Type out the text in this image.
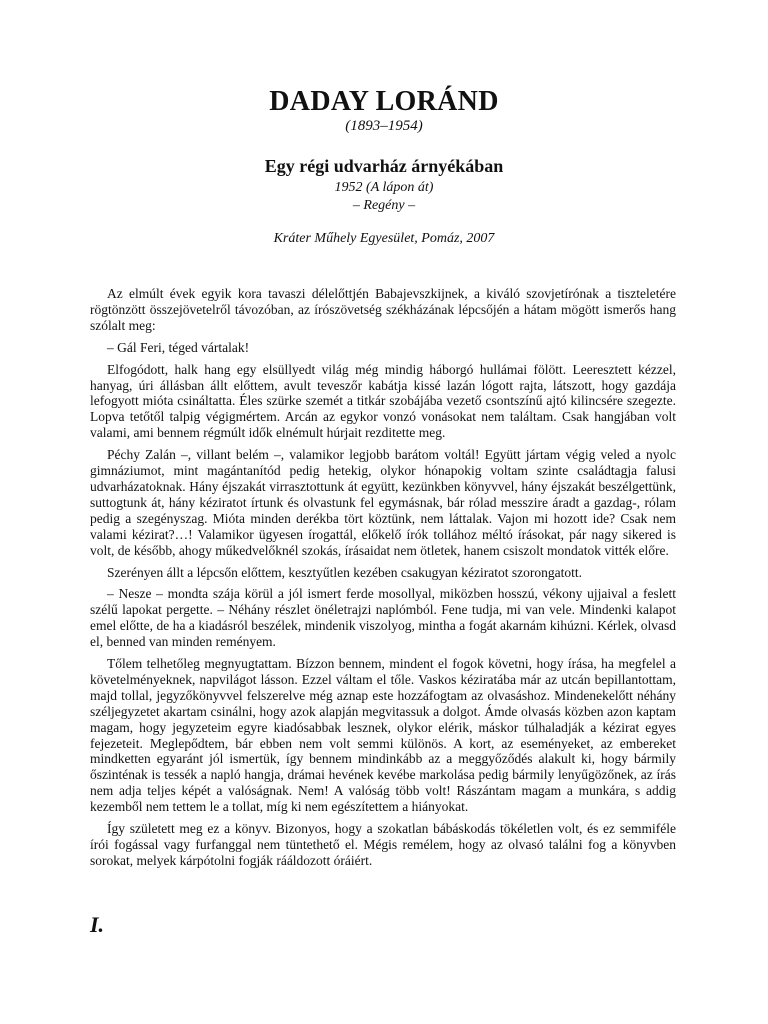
DADAY LORÁND
(1893–1954)
Egy régi udvarház árnyékában
1952 (A lápon át)
– Regény –
Kráter Műhely Egyesület, Pomáz, 2007

Az elmúlt évek egyik kora tavaszi délelőttjén Babajevszkijnek, a kiváló szovjetírónak a tiszteletére rögtönzött összejövetelről távozóban, az írószövetség székházának lépcsőjén a hátam mögött ismerős hang szólalt meg:

– Gál Feri, téged vártalak!

Elfogódott, halk hang egy elsüllyedt világ még mindig háborgó hullámai fölött. Leeresztett kézzel, hanyag, úri állásban állt előttem, avult teveszőr kabátja kissé lazán lógott rajta, látszott, hogy gazdája lefogyott mióta csináltatta. Éles szürke szemét a titkár szobájába vezető csontszínű ajtó kilincsére szegezte. Lopva tetőtől talpig végigmértem. Arcán az egykor vonzó vonásokat nem találtam. Csak hangjában volt valami, ami bennem régmúlt idők elnémult húrjait rezditette meg.

Péchy Zalán –, villant belém –, valamikor legjobb barátom voltál! Együtt jártam végig veled a nyolc gimnáziumot, mint magántanítód pedig hetekig, olykor hónapokig voltam szinte családtagja falusi udvarházatoknak. Hány éjszakát virrasztottunk át együtt, kezünkben könyvvel, hány éjszakát beszélgettünk, suttogtunk át, hány kéziratot írtunk és olvastunk fel egymásnak, bár rólad messzire áradt a gazdag-, rólam pedig a szegényszag. Mióta minden derékba tört köztünk, nem láttalak. Vajon mi hozott ide? Csak nem valami kézirat?…! Valamikor ügyesen írogattál, előkelő írók tollához méltó írásokat, pár nagy sikered is volt, de később, ahogy műkedvelőknél szokás, írásaidat nem ötletek, hanem csiszolt mondatok vitték előre.

Szerényen állt a lépcsőn előttem, kesztyűtlen kezében csakugyan kéziratot szorongatott.

– Nesze – mondta szája körül a jól ismert ferde mosollyal, miközben hosszú, vékony ujjaival a feslett szélű lapokat pergette. – Néhány részlet önéletrajzi naplómból. Fene tudja, mi van vele. Mindenki kalapot emel előtte, de ha a kiadásról beszélek, mindenik viszolyog, mintha a fogát akarnám kihúzni. Kérlek, olvasd el, benned van minden reményem.

Tőlem telhetőleg megnyugtattam. Bízzon bennem, mindent el fogok követni, hogy írása, ha megfelel a követelményeknek, napvilágot lásson. Ezzel váltam el tőle. Vaskos kéziratába már az utcán bepillantottam, majd tollal, jegyzőkönyvvel felszerelve még aznap este hozzáfogtam az olvasáshoz. Mindenekelőtt néhány széljegyzetet akartam csinálni, hogy azok alapján megvitassuk a dolgot. Ámde olvasás közben azon kaptam magam, hogy jegyzeteim egyre kiadósabbak lesznek, olykor elérik, máskor túlhaladják a kézirat egyes fejezeteit. Meglepődtem, bár ebben nem volt semmi különös. A kort, az eseményeket, az embereket mindketten egyaránt jól ismertük, így bennem mindinkább az a meggyőződés alakult ki, hogy bármily őszinténak is tessék a napló hangja, drámai hevének kevébe markolása pedig bármily lenyűgözőnek, az írás nem adja teljes képét a valóságnak. Nem! A valóság több volt! Rászántam magam a munkára, s addig kezemből nem tettem le a tollat, míg ki nem egészítettem a hiányokat.

Így született meg ez a könyv. Bizonyos, hogy a szokatlan bábáskodás tökéletlen volt, és ez semmiféle írói fogással vagy furfanggal nem tüntethető el. Mégis remélem, hogy az olvasó találni fog a könyvben sorokat, melyek kárpótolni fogják rááldozott óráiért.

I.
